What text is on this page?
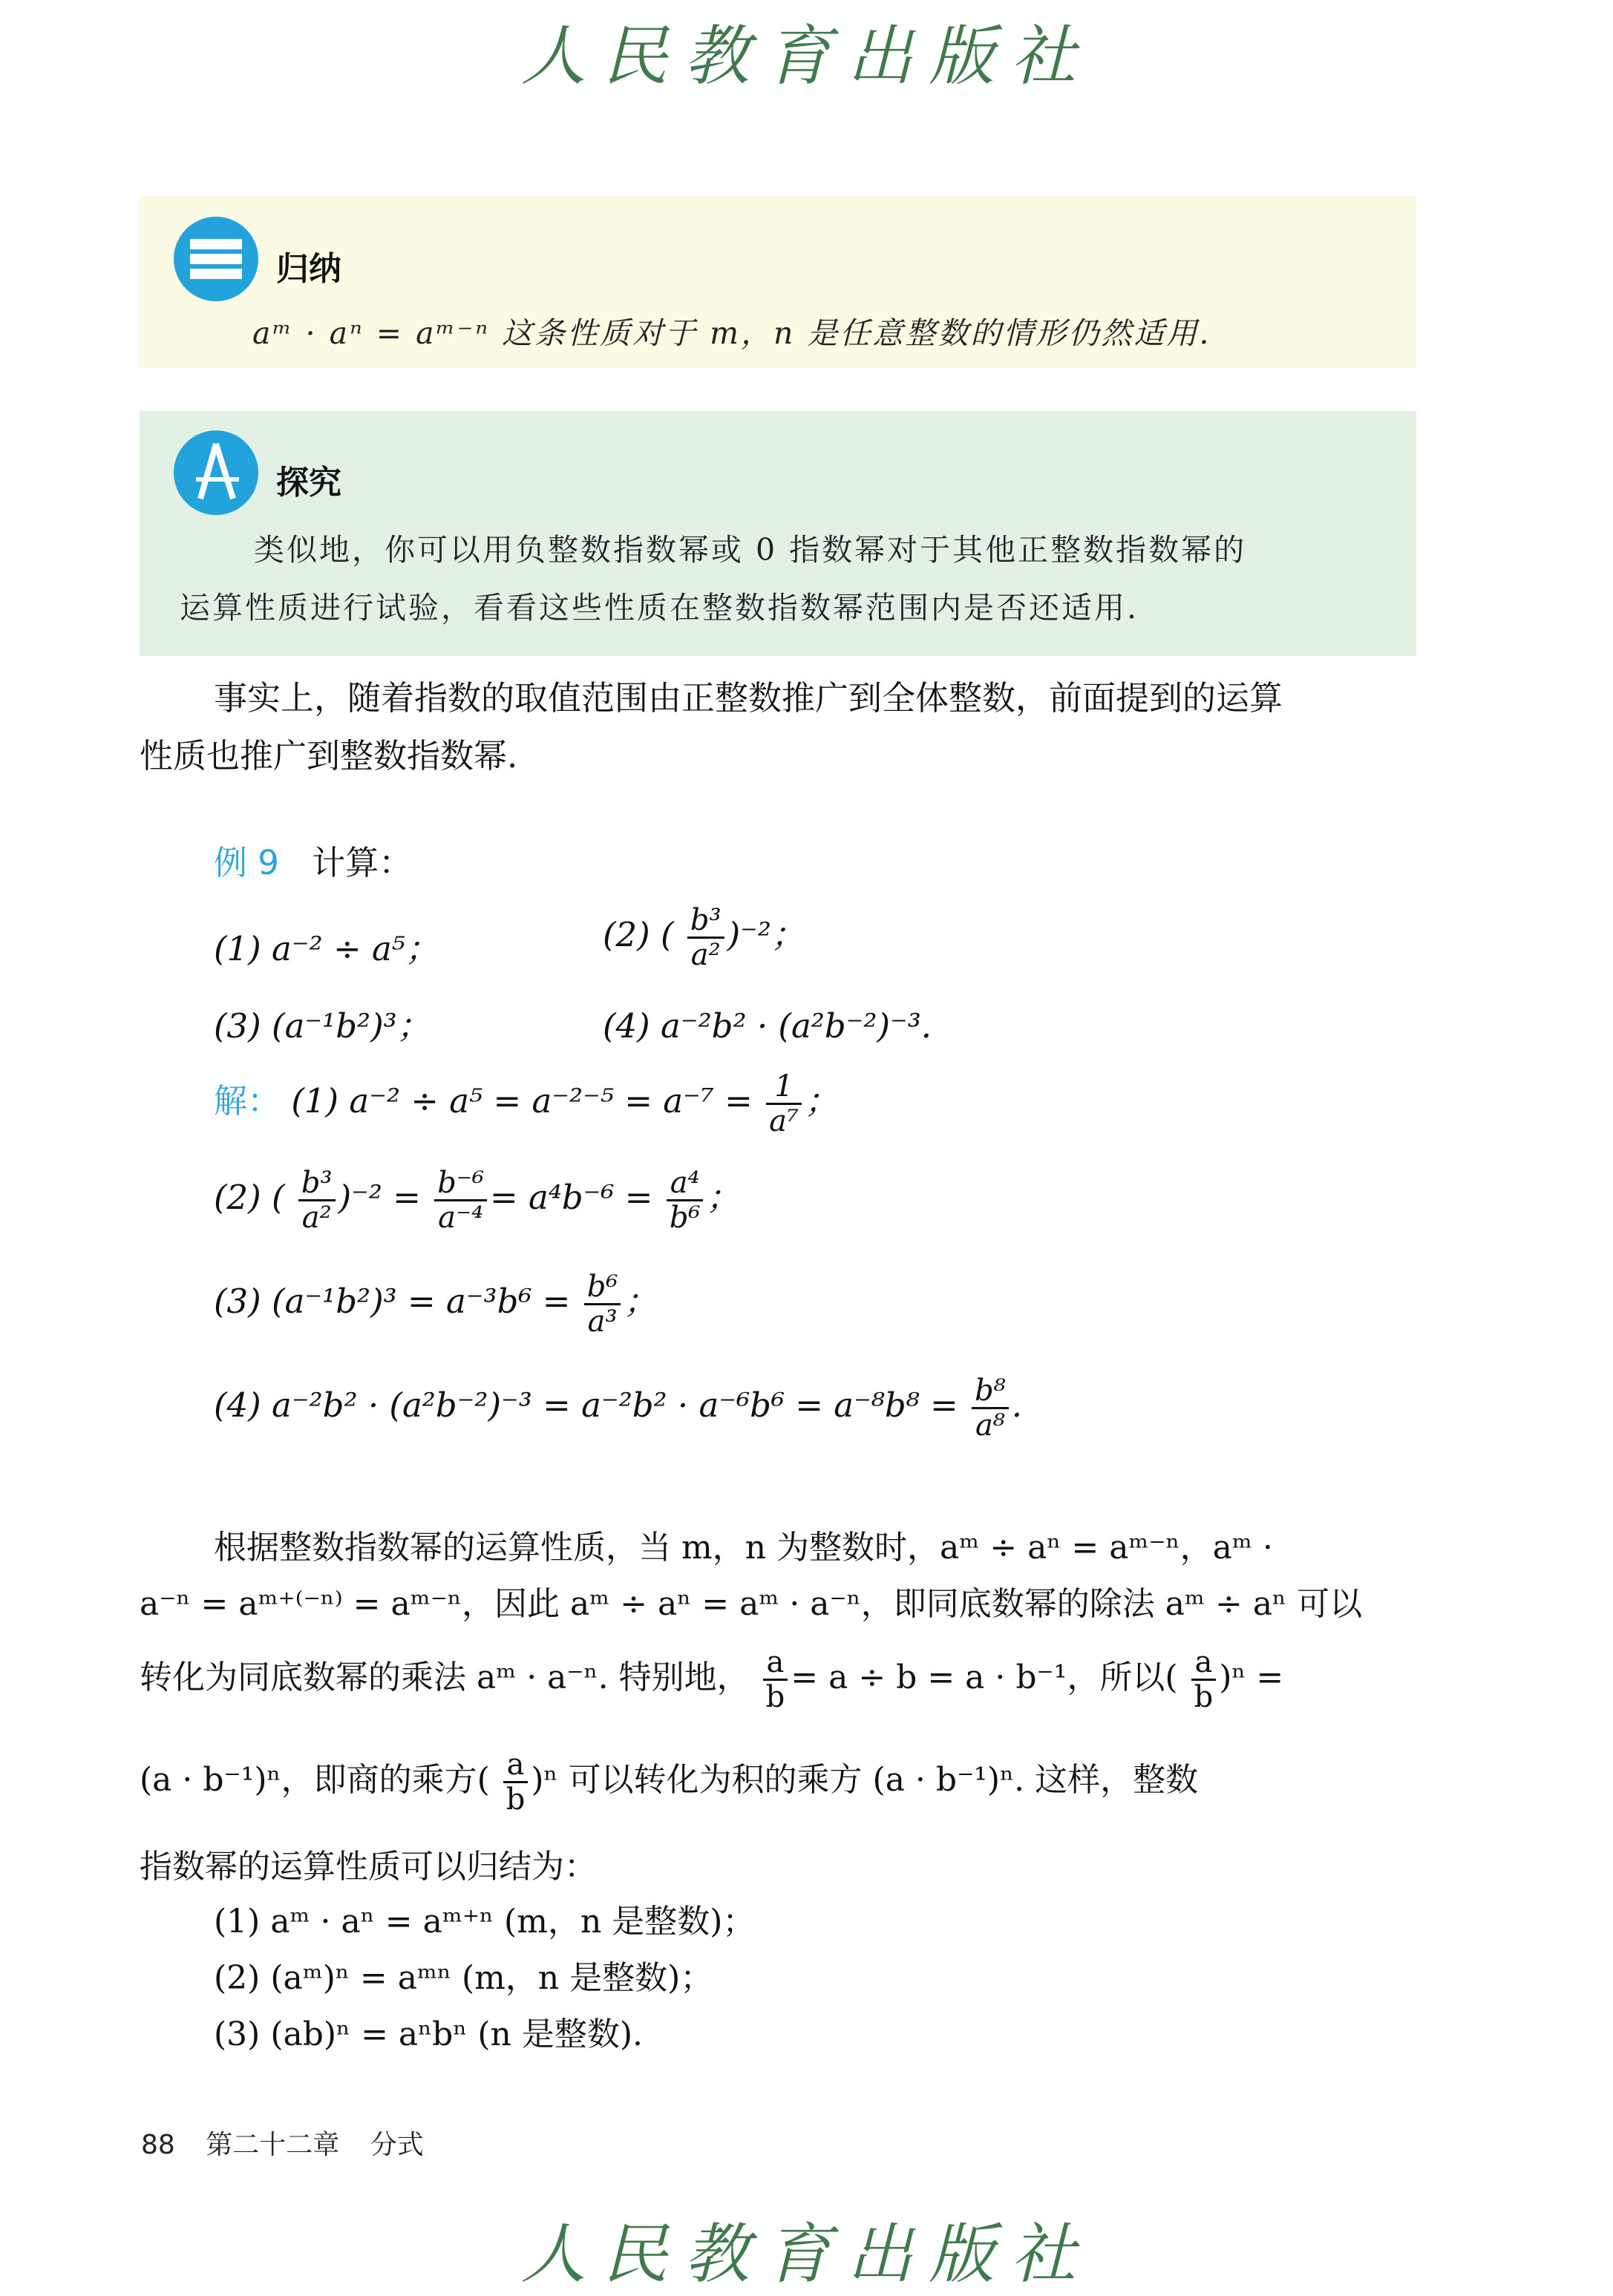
人民教育出版社
归纳
aᵐ · aⁿ = aᵐ⁻ⁿ 这条性质对于 m，n 是任意整数的情形仍然适用.
探究
类似地，你可以用负整数指数幂或 0 指数幂对于其他正整数指数幂的
运算性质进行试验，看看这些性质在整数指数幂范围内是否还适用.
事实上，随着指数的取值范围由正整数推广到全体整数，前面提到的运算
性质也推广到整数指数幂.
例 9 计算：
(1) a⁻² ÷ a⁵；	(2) ( $\frac{\text{b³}}{\text{a²}} )^{-2}$；
(3) (a⁻¹b²)³；	(4) a⁻²b² · (a²b⁻²)⁻³.
解： (1) $a^{-2} \div a^5 = a^{-2-5} = a^{-7} = \frac{1}{\text{a⁷}}$ ；
(2) ( $\frac{\text{b³}}{\text{a²}} )^{-2} = \frac{\text{b⁻⁶}}{\text{a⁻⁴}} = a^4b^{-6} = \frac{\text{a⁴}}{\text{b⁶}}$ ；
(3) $(a^{-1}b^2)^3 = a^{-3}b^6 = \frac{\text{b⁶}}{\text{a³}}$ ；
(4) $a^{-2}b^2 \cdot (a^2b^{-2})^{-3} = a^{-2}b^2 \cdot a^{-6}b^6 = a^{-8}b^8 = \frac{\text{b⁸}}{\text{a⁸}}$ .
根据整数指数幂的运算性质，当 m，n 为整数时，aᵐ ÷ aⁿ = aᵐ⁻ⁿ，aᵐ ·
a⁻ⁿ = aᵐ⁺⁽⁻ⁿ⁾ = aᵐ⁻ⁿ，因此 aᵐ ÷ aⁿ = aᵐ · a⁻ⁿ，即同底数幂的除法 aᵐ ÷ aⁿ 可以
转化为同底数幂的乘法 aᵐ · a⁻ⁿ. 特别地， $\frac{a}{b} = a \div b = a \cdot b^{-1}$，所以( $\frac{a}{b} )^n$ =
(a · b⁻¹)ⁿ，即商的乘方( $\frac{a}{b} )^n$ 可以转化为积的乘方 (a · b⁻¹)ⁿ. 这样，整数
指数幂的运算性质可以归结为：
(1) aᵐ · aⁿ = aᵐ⁺ⁿ (m，n 是整数)；
(2) (aᵐ)ⁿ = aᵐⁿ (m，n 是整数)；
(3) (ab)ⁿ = aⁿbⁿ (n 是整数).
88 第二十二章 分式
人民教育出版社
